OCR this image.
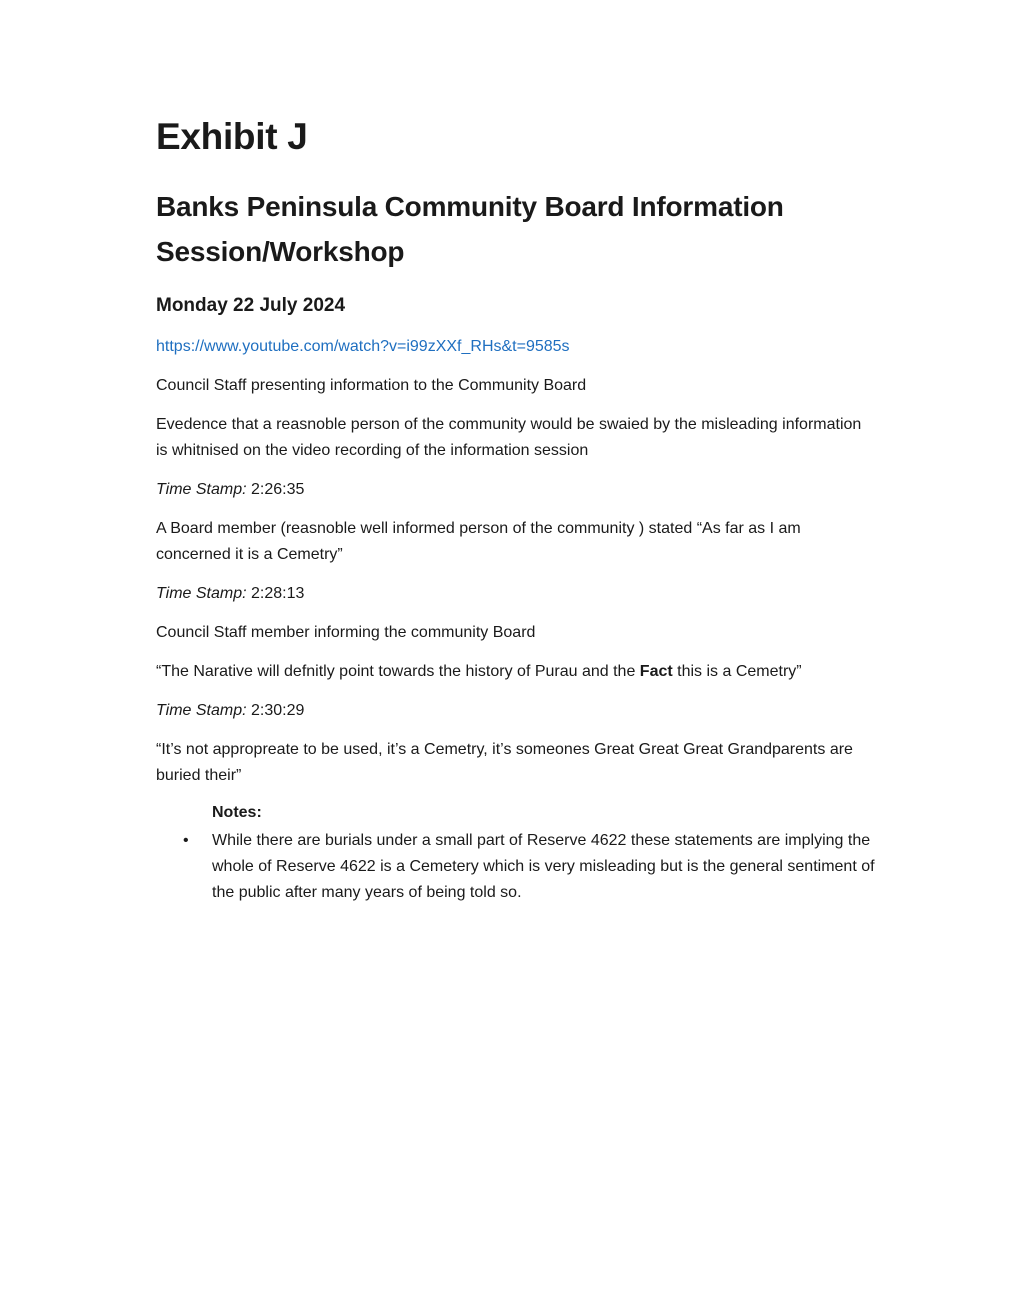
Exhibit J
Banks Peninsula Community Board Information Session/Workshop
Monday 22 July 2024
https://www.youtube.com/watch?v=i99zXXf_RHs&t=9585s

Council Staff presenting information to the Community Board

Evedence that a reasnoble person of the community would be swaied by the misleading information is whitnised on the video recording of the information session

Time Stamp: 2:26:35

A Board member (reasnoble well informed person of the community ) stated “As far as I am concerned it is a Cemetry”

Time Stamp: 2:28:13

Council Staff member informing the community Board

“The Narative will defnitly point towards the history of Purau and the Fact this is a Cemetry”

Time Stamp: 2:30:29

“It’s not appropreate to be used, it’s a Cemetry, it’s someones Great Great Great Grandparents are buried their”

Notes:
• While there are burials under a small part of Reserve 4622 these statements are implying the whole of Reserve 4622 is a Cemetery which is very misleading but is the general sentiment of the public after many years of being told so.
